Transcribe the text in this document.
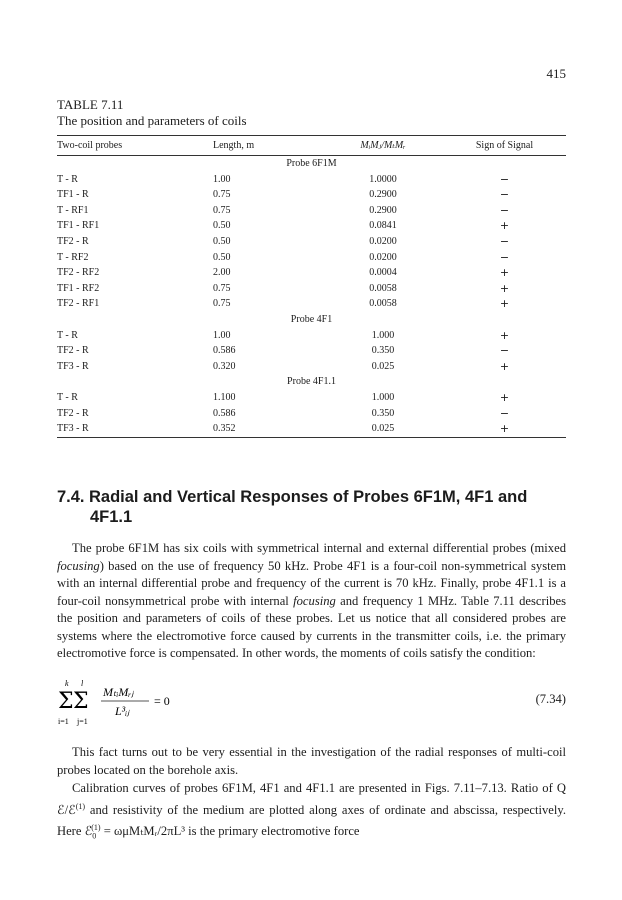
415
TABLE 7.11
The position and parameters of coils
Two-coil probes	Length, m	MᵢMⱼ/MₜMᵣ	Sign of Signal
Probe 6F1M			
T - R	1.00	1.0000	−
TF1 - R	0.75	0.2900	−
T - RF1	0.75	0.2900	−
TF1 - RF1	0.50	0.0841	+
TF2 - R	0.50	0.0200	−
T - RF2	0.50	0.0200	−
TF2 - RF2	2.00	0.0004	+
TF1 - RF2	0.75	0.0058	+
TF2 - RF1	0.75	0.0058	+
Probe 4F1			
T - R	1.00	1.000	+
TF2 - R	0.586	0.350	−
TF3 - R	0.320	0.025	+
Probe 4F1.1			
T - R	1.100	1.000	+
TF2 - R	0.586	0.350	−
TF3 - R	0.352	0.025	+
7.4. Radial and Vertical Responses of Probes 6F1M, 4F1 and
4F1.1

The probe 6F1M has six coils with symmetrical internal and external differential probes (mixed focusing) based on the use of frequency 50 kHz. Probe 4F1 is a four-coil non-symmetrical system with an internal differential probe and frequency of the current is 70 kHz. Finally, probe 4F1.1 is a four-coil nonsymmetrical probe with internal focusing and frequency 1 MHz. Table 7.11 describes the position and parameters of coils of these probes. Let us notice that all considered probes are systems where the electromotive force caused by currents in the transmitter coils, i.e. the primary electromotive force is compensated. In other words, the moments of coils satisfy the condition:

k l
Σ Σ
i=1 j=1
MₜᵢMᵣⱼ
L³ᵢⱼ
= 0	(7.34)

This fact turns out to be very essential in the investigation of the radial responses of multi-coil probes located on the borehole axis.

Calibration curves of probes 6F1M, 4F1 and 4F1.1 are presented in Figs. 7.11–7.13. Ratio of Q ℰ/ℰ$^{(1)}$ and resistivity of the medium are plotted along axes of ordinate and abscissa, respectively. Here ℰ$_0^{(1)}$ = ωμMₜMᵣ/2πL³ is the primary electromotive force
